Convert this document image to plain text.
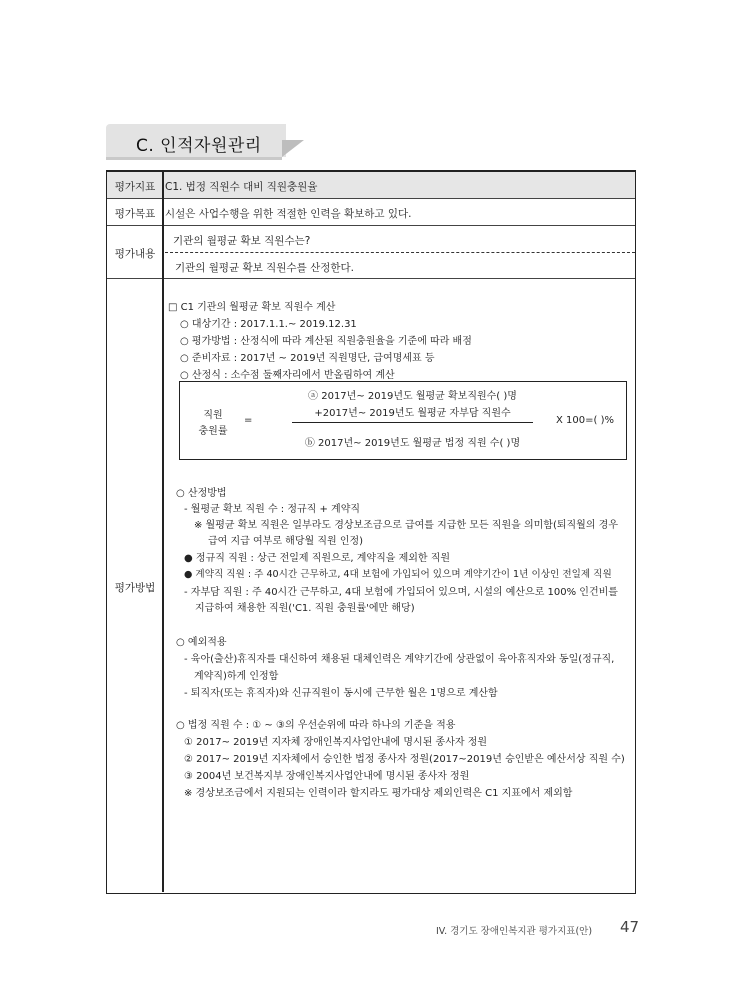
C. 인적자원관리
평가지표 C1. 법정 직원수 대비 직원충원율
평가목표 시설은 사업수행을 위한 적절한 인력을 확보하고 있다.
평가내용
기관의 월평균 확보 직원수는?
기관의 월평균 확보 직원수를 산정한다.
평가방법
□ C1 기관의 월평균 확보 직원수 계산
○ 대상기간 : 2017.1.1.~ 2019.12.31
○ 평가방법 : 산정식에 따라 계산된 직원충원율을 기준에 따라 배점
○ 준비자료 : 2017년 ~ 2019년 직원명단, 급여명세표 등
○ 산정식 : 소수점 둘째자리에서 반올림하여 계산
직원
충원률
=
ⓐ 2017년~ 2019년도 월평균 확보직원수( )명
+2017년~ 2019년도 월평균 자부담 직원수
ⓑ 2017년~ 2019년도 월평균 법정 직원 수( )명
X 100=( )%
○ 산정방법
- 월평균 확보 직원 수 : 정규직 + 계약직
※ 월평균 확보 직원은 일부라도 경상보조금으로 급여를 지급한 모든 직원을 의미함(퇴직월의 경우
급여 지급 여부로 해당월 직원 인정)
● 정규직 직원 : 상근 전일제 직원으로, 계약직을 제외한 직원
● 계약직 직원 : 주 40시간 근무하고, 4대 보험에 가입되어 있으며 계약기간이 1년 이상인 전일제 직원
- 자부담 직원 : 주 40시간 근무하고, 4대 보험에 가입되어 있으며, 시설의 예산으로 100% 인건비를
지급하여 채용한 직원('C1. 직원 충원률'에만 해당)
○ 예외적용
- 육아(출산)휴직자를 대신하여 채용된 대체인력은 계약기간에 상관없이 육아휴직자와 동일(정규직,
계약직)하게 인정함
- 퇴직자(또는 휴직자)와 신규직원이 동시에 근무한 월은 1명으로 계산함
○ 법정 직원 수 : ① ~ ③의 우선순위에 따라 하나의 기준을 적용
① 2017~ 2019년 지자체 장애인복지사업안내에 명시된 종사자 정원
② 2017~ 2019년 지자체에서 승인한 법정 종사자 정원(2017~2019년 승인받은 예산서상 직원 수)
③ 2004년 보건복지부 장애인복지사업안내에 명시된 종사자 정원
※ 경상보조금에서 지원되는 인력이라 할지라도 평가대상 제외인력은 C1 지표에서 제외함
IV. 경기도 장애인복지관 평가지표(안) 47
